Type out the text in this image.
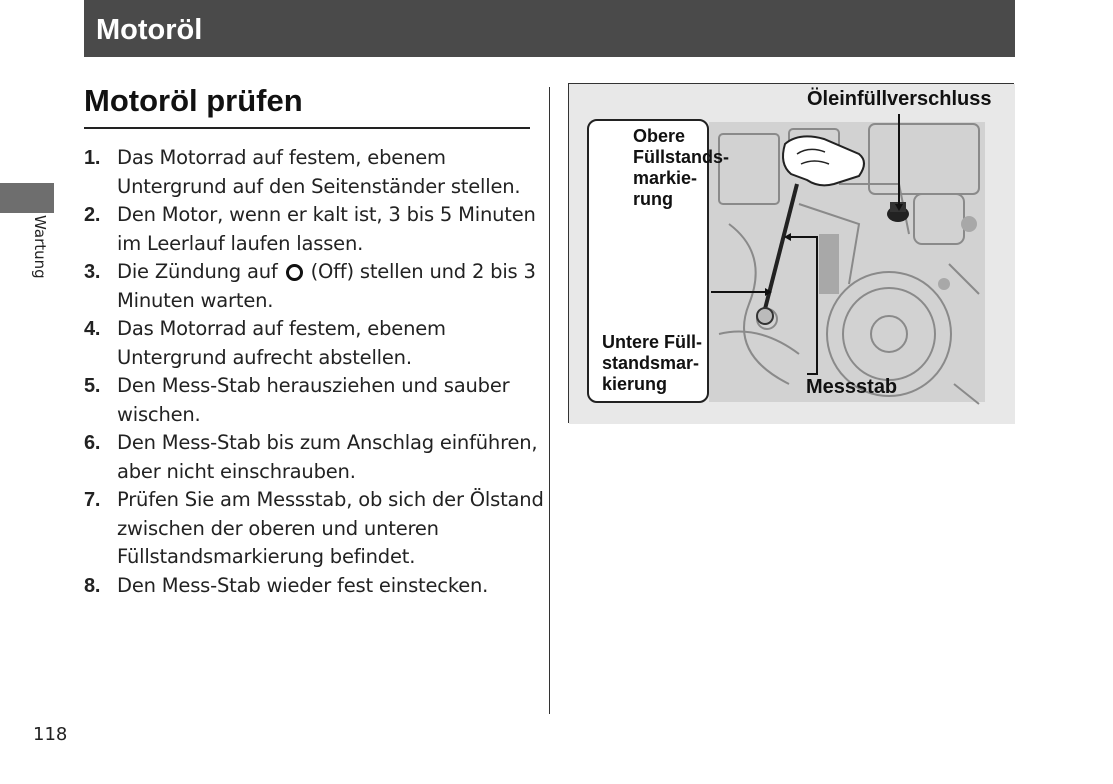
Motoröl
Wartung
Motoröl prüfen
1. Das Motorrad auf festem, ebenem Untergrund auf den Seitenständer stellen.
2. Den Motor, wenn er kalt ist, 3 bis 5 Minuten im Leerlauf laufen lassen.
3. Die Zündung auf (Off) stellen und 2 bis 3 Minuten warten.
4. Das Motorrad auf festem, ebenem Untergrund aufrecht abstellen.
5. Den Mess-Stab herausziehen und sauber wischen.
6. Den Mess-Stab bis zum Anschlag einführen, aber nicht einschrauben.
7. Prüfen Sie am Messstab, ob sich der Ölstand zwischen der oberen und unteren Füllstandsmarkierung befindet.
8. Den Mess-Stab wieder fest einstecken.
Öleinfüllverschluss
Obere
Füllstands-
markie-
rung
Untere Füll-
standsmar-
kierung	Messstab
118
